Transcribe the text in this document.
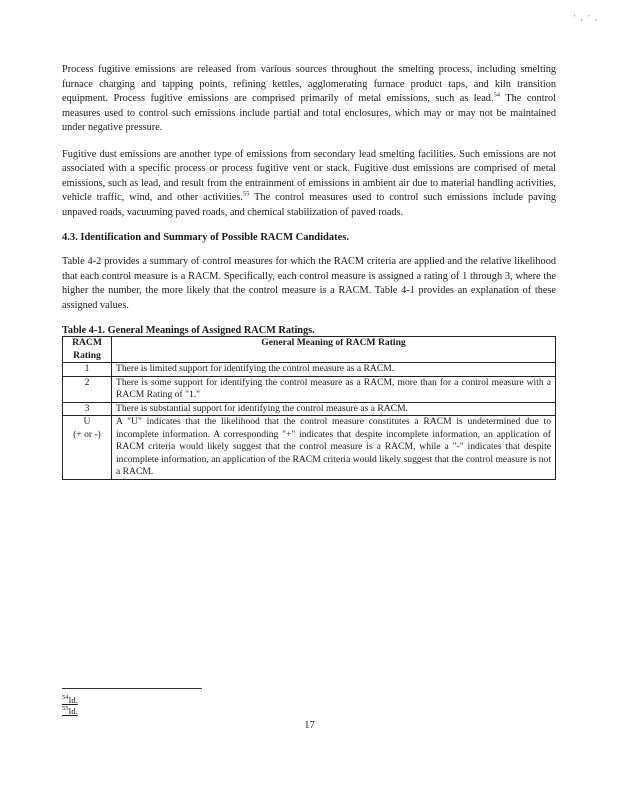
' , ' ,

Process fugitive emissions are released from various sources throughout the smelting process, including smelting furnace charging and tapping points, refining kettles, agglomerating furnace product taps, and kiln transition equipment. Process fugitive emissions are comprised primarily of metal emissions, such as lead.$^{54}$ The control measures used to control such emissions include partial and total enclosures, which may or may not be maintained under negative pressure.

Fugitive dust emissions are another type of emissions from secondary lead smelting facilities. Such emissions are not associated with a specific process or process fugitive vent or stack. Fugitive dust emissions are comprised of metal emissions, such as lead, and result from the entrainment of emissions in ambient air due to material handling activities, vehicle traffic, wind, and other activities.$^{55}$ The control measures used to control such emissions include paving unpaved roads, vacuuming paved roads, and chemical stabilization of paved roads.

4.3. Identification and Summary of Possible RACM Candidates.

Table 4-2 provides a summary of control measures for which the RACM criteria are applied and the relative likelihood that each control measure is a RACM. Specifically, each control measure is assigned a rating of 1 through 3, where the higher the number, the more likely that the control measure is a RACM. Table 4-1 provides an explanation of these assigned values.

Table 4-1. General Meanings of Assigned RACM Ratings.
RACM Rating	General Meaning of RACM Rating
1	There is limited support for identifying the control measure as a RACM.
2	There is some support for identifying the control measure as a RACM, more than for a control measure with a RACM Rating of "1."
3	There is substantial support for identifying the control measure as a RACM.
U
(+ or -)	A "U" indicates that the likelihood that the control measure constitutes a RACM is undetermined due to incomplete information. A corresponding "+" indicates that despite incomplete information, an application of RACM criteria would likely suggest that the control measure is a RACM, while a "-" indicates that despite incomplete information, an application of the RACM criteria would likely suggest that the control measure is not a RACM.
$^{54}$Id.
$^{55}$Id.
17
